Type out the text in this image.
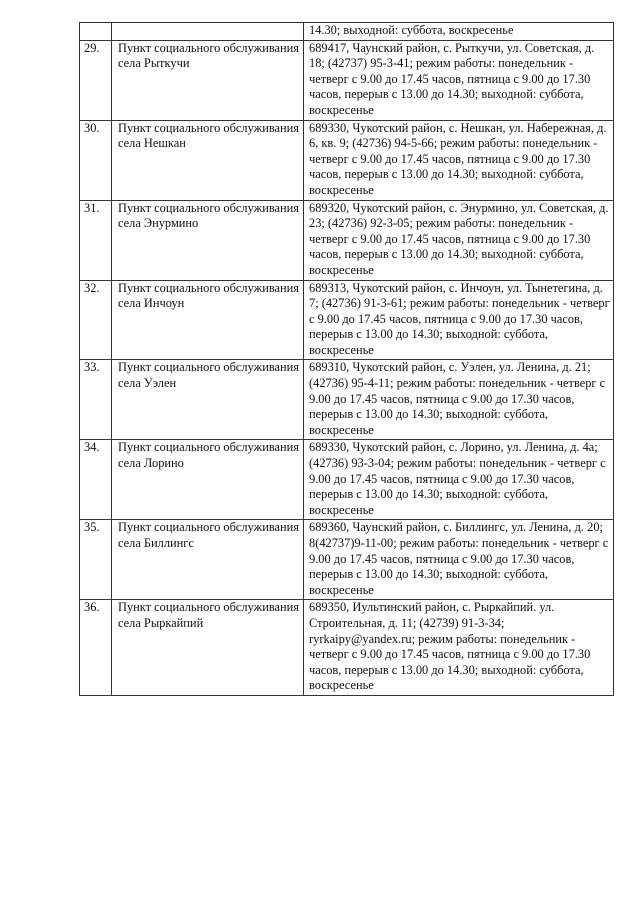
		14.30; выходной: суббота, воскресенье
29.	Пункт социального обслуживания села Рыткучи	689417, Чаунский район, с. Рыткучи, ул. Советская, д. 18; (42737) 95-3-41; режим работы: понедельник - четверг с 9.00 до 17.45 часов, пятница с 9.00 до 17.30 часов, перерыв с 13.00 до 14.30; выходной: суббота, воскресенье
30.	Пункт социального обслуживания села Нешкан	689330, Чукотский район, с. Нешкан, ул. Набережная, д. 6, кв. 9; (42736) 94-5-66; режим работы: понедельник - четверг с 9.00 до 17.45 часов, пятница с 9.00 до 17.30 часов, перерыв с 13.00 до 14.30; выходной: суббота, воскресенье
31.	Пункт социального обслуживания села Энурмино	689320, Чукотский район, с. Энурмино, ул. Советская, д. 23; (42736) 92-3-05; режим работы: понедельник - четверг с 9.00 до 17.45 часов, пятница с 9.00 до 17.30 часов, перерыв с 13.00 до 14.30; выходной: суббота, воскресенье
32.	Пункт социального обслуживания села Инчоун	689313, Чукотский район, с. Инчоун, ул. Тынетегина, д. 7; (42736) 91-3-61; режим работы: понедельник - четверг с 9.00 до 17.45 часов, пятница с 9.00 до 17.30 часов, перерыв с 13.00 до 14.30; выходной: суббота, воскресенье
33.	Пункт социального обслуживания села Уэлен	689310, Чукотский район, с. Уэлен, ул. Ленина, д. 21; (42736) 95-4-11; режим работы: понедельник - четверг с 9.00 до 17.45 часов, пятница с 9.00 до 17.30 часов, перерыв с 13.00 до 14.30; выходной: суббота, воскресенье
34.	Пункт социального обслуживания села Лорино	689330, Чукотский район, с. Лорино, ул. Ленина, д. 4а; (42736) 93-3-04; режим работы: понедельник - четверг с 9.00 до 17.45 часов, пятница с 9.00 до 17.30 часов, перерыв с 13.00 до 14.30; выходной: суббота, воскресенье
35.	Пункт социального обслуживания села Биллингс	689360, Чаунский район, с. Биллингс, ул. Ленина, д. 20; 8(42737)9-11-00; режим работы: понедельник - четверг с 9.00 до 17.45 часов, пятница с 9.00 до 17.30 часов, перерыв с 13.00 до 14.30; выходной: суббота, воскресенье
36.	Пункт социального обслуживания села Рыркайпий	689350, Иультинский район, с. Рыркайпий. ул. Строительная, д. 11; (42739) 91-3-34; ryrkaipy@yandex.ru; режим работы: понедельник - четверг с 9.00 до 17.45 часов, пятница с 9.00 до 17.30 часов, перерыв с 13.00 до 14.30; выходной: суббота, воскресенье
